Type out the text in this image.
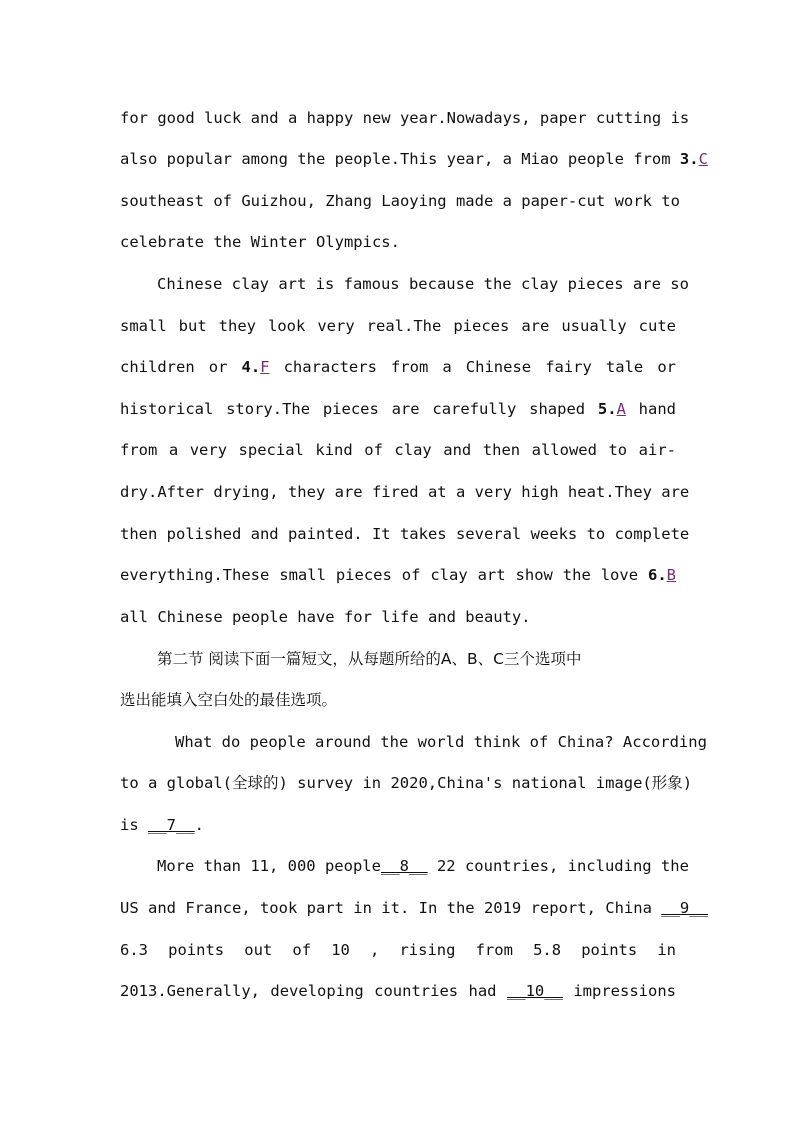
for good luck and a happy new year.Nowadays, paper cutting is
also popular among the people.This year, a Miao people from 3.C
southeast of Guizhou, Zhang Laoying made a paper-cut work to
celebrate the Winter Olympics.
Chinese clay art is famous because the clay pieces are so
small but they look very real.The pieces are usually cute
children or 4.F characters from a Chinese fairy tale or
historical story.The pieces are carefully shaped 5.A hand
from a very special kind of clay and then allowed to air-
dry.After drying, they are fired at a very high heat.They are
then polished and painted. It takes several weeks to complete
everything.These small pieces of clay art show the love 6.B
all Chinese people have for life and beauty.
第二节 阅读下面一篇短文，从每题所给的A、B、C三个选项中
选出能填入空白处的最佳选项。
What do people around the world think of China? According
to a global(全球的) survey in 2020,China's national image(形象)
is __7__.
More than 11, 000 people__8__ 22 countries, including the
US and France, took part in it. In the 2019 report, China __9__
6.3 points out of 10 , rising from 5.8 points in
2013.Generally, developing countries had __10__ impressions
